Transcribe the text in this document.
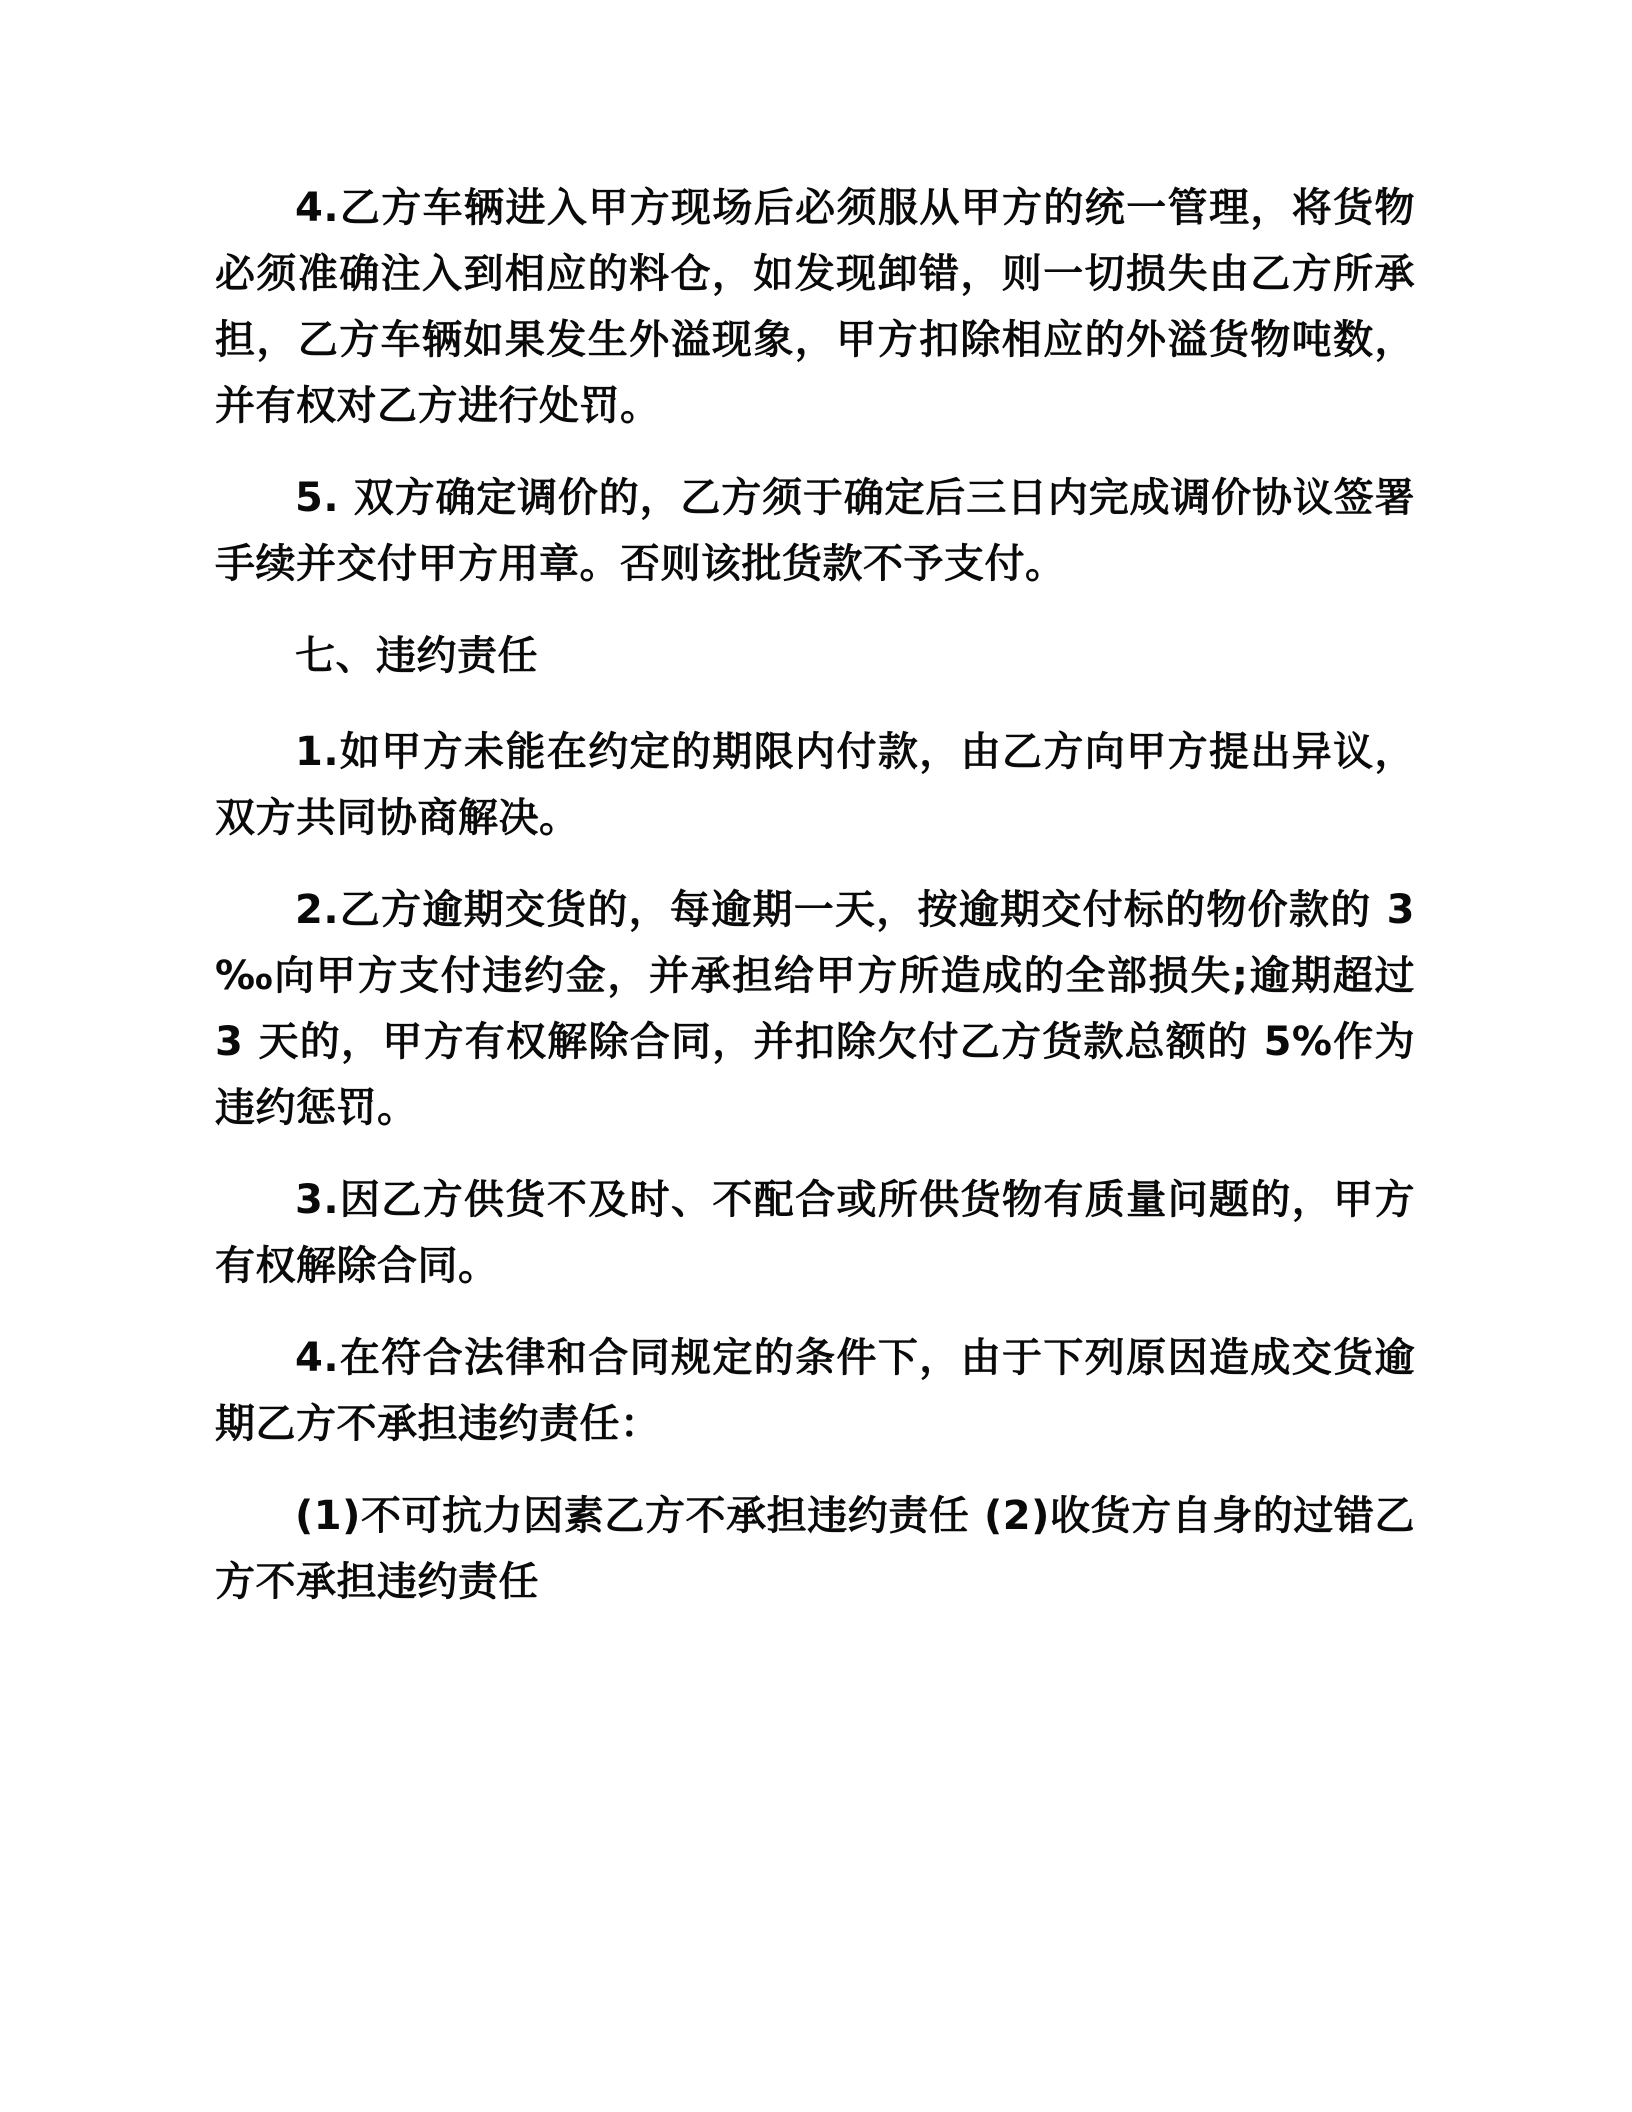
4.乙方车辆进入甲方现场后必须服从甲方的统一管理，将货物必须准确注入到相应的料仓，如发现卸错，则一切损失由乙方所承担，乙方车辆如果发生外溢现象，甲方扣除相应的外溢货物吨数，并有权对乙方进行处罚。

5. 双方确定调价的，乙方须于确定后三日内完成调价协议签署手续并交付甲方用章。否则该批货款不予支付。

七、违约责任

1.如甲方未能在约定的期限内付款，由乙方向甲方提出异议，双方共同协商解决。

2.乙方逾期交货的，每逾期一天，按逾期交付标的物价款的 3 ‰向甲方支付违约金，并承担给甲方所造成的全部损失;逾期超过 3 天的，甲方有权解除合同，并扣除欠付乙方货款总额的 5%作为违约惩罚。

3.因乙方供货不及时、不配合或所供货物有质量问题的，甲方有权解除合同。

4.在符合法律和合同规定的条件下，由于下列原因造成交货逾期乙方不承担违约责任：

(1)不可抗力因素乙方不承担违约责任 (2)收货方自身的过错乙方不承担违约责任
